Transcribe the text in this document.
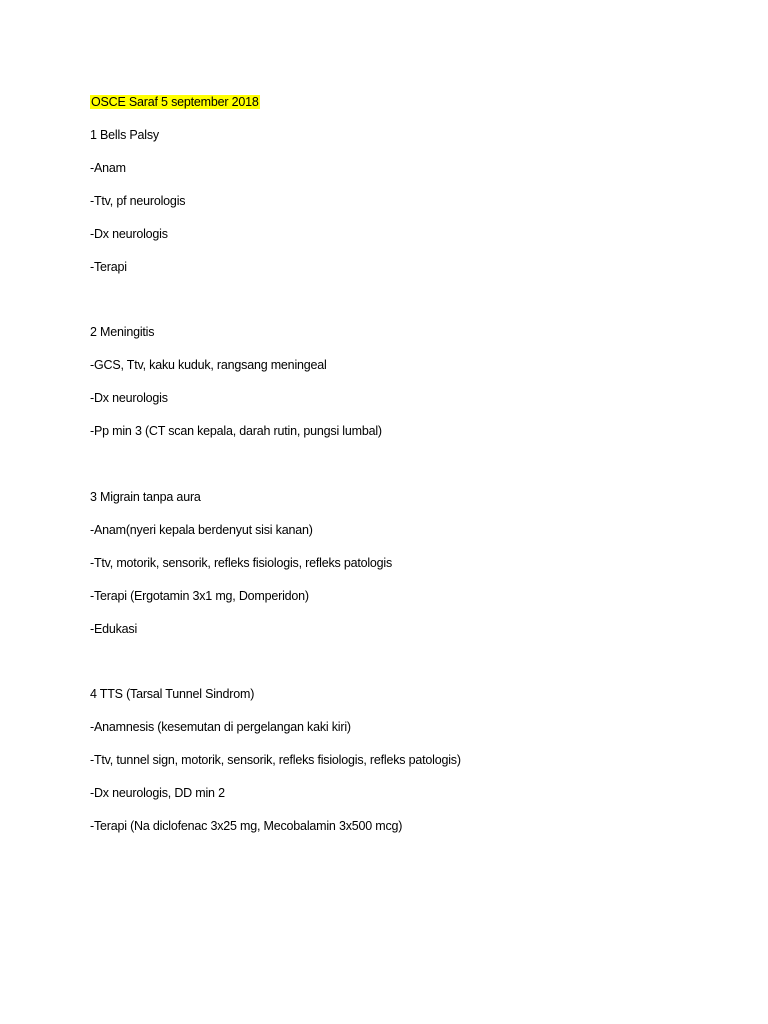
OSCE Saraf 5 september 2018
1 Bells Palsy
-Anam
-Ttv, pf neurologis
-Dx neurologis
-Terapi
2 Meningitis
-GCS, Ttv, kaku kuduk, rangsang meningeal
-Dx neurologis
-Pp min 3 (CT scan kepala, darah rutin, pungsi lumbal)
3 Migrain tanpa aura
-Anam(nyeri kepala berdenyut sisi kanan)
-Ttv, motorik, sensorik, refleks fisiologis, refleks patologis
-Terapi (Ergotamin 3x1 mg, Domperidon)
-Edukasi
4 TTS (Tarsal Tunnel Sindrom)
-Anamnesis (kesemutan di pergelangan kaki kiri)
-Ttv, tunnel sign, motorik, sensorik, refleks fisiologis, refleks patologis)
-Dx neurologis, DD min 2
-Terapi (Na diclofenac 3x25 mg, Mecobalamin 3x500 mcg)
